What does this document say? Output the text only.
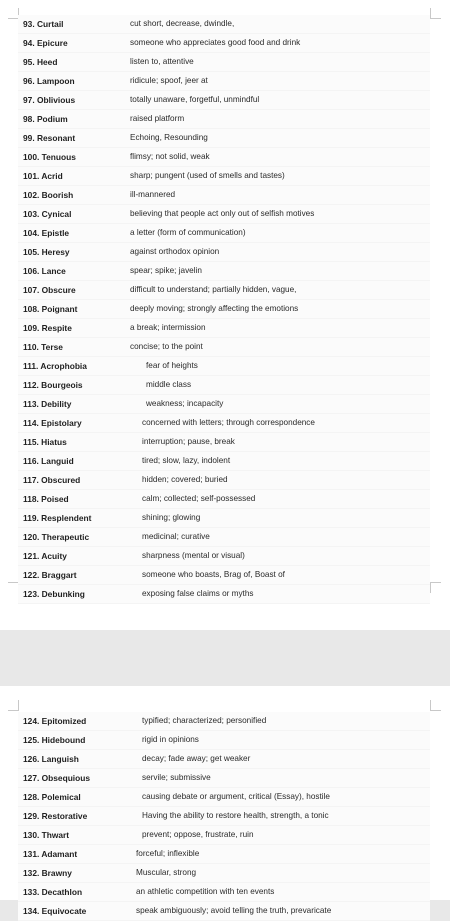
93. Curtail	cut short, decrease, dwindle,
94. Epicure	someone who appreciates good food and drink
95. Heed	listen to, attentive
96. Lampoon	ridicule; spoof, jeer at
97. Oblivious	totally unaware, forgetful, unmindful
98. Podium	raised platform
99. Resonant	Echoing, Resounding
100. Tenuous	flimsy; not solid, weak
101. Acrid	sharp; pungent (used of smells and tastes)
102. Boorish	ill-mannered
103. Cynical	believing that people act only out of selfish motives
104. Epistle	a letter (form of communication)
105. Heresy	against orthodox opinion
106. Lance	spear; spike; javelin
107. Obscure	difficult to understand; partially hidden, vague,
108. Poignant	deeply moving; strongly affecting the emotions
109. Respite	a break; intermission
110. Terse	concise; to the point
111. Acrophobia	fear of heights
112. Bourgeois	middle class
113. Debility	weakness; incapacity
114. Epistolary	concerned with letters; through correspondence
115. Hiatus	interruption; pause, break
116. Languid	tired; slow, lazy, indolent
117. Obscured	hidden; covered; buried
118. Poised	calm; collected; self-possessed
119. Resplendent	shining; glowing
120. Therapeutic	medicinal; curative
121. Acuity	sharpness (mental or visual)
122. Braggart	someone who boasts, Brag of, Boast of
123. Debunking	exposing false claims or myths
124. Epitomized	typified; characterized; personified
125. Hidebound	rigid in opinions
126. Languish	decay; fade away; get weaker
127. Obsequious	servile; submissive
128. Polemical	causing debate or argument, critical (Essay), hostile
129. Restorative	Having the ability to restore health, strength, a tonic
130. Thwart	prevent; oppose, frustrate, ruin
131. Adamant	forceful; inflexible
132. Brawny	Muscular, strong
133. Decathlon	an athletic competition with ten events
134. Equivocate	speak ambiguously; avoid telling the truth, prevaricate
